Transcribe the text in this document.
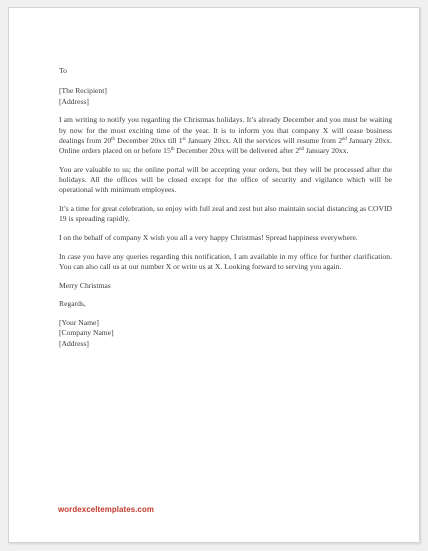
To

[The Recipient]

[Address]

I am writing to notify you regarding the Christmas holidays. It’s already December and you must be waiting by now for the most exciting time of the year. It is to inform you that company X will cease business dealings from 20th December 20xx till 1st January 20xx. All the services will resume from 2nd January 20xx. Online orders placed on or before 15th December 20xx will be delivered after 2nd January 20xx.

You are valuable to us; the online portal will be accepting your orders, but they will be processed after the holidays. All the offices will be closed except for the office of security and vigilance which will be operational with minimum employees.

It’s a time for great celebration, so enjoy with full zeal and zest but also maintain social distancing as COVID 19 is spreading rapidly.

I on the behalf of company X wish you all a very happy Christmas! Spread happiness everywhere.

In case you have any queries regarding this notification, I am available in my office for further clarification. You can also call us at our number X or write us at X. Looking forward to serving you again.

Merry Christmas

Regards,

[Your Name]

[Company Name]

[Address]

wordexceltemplates.com
